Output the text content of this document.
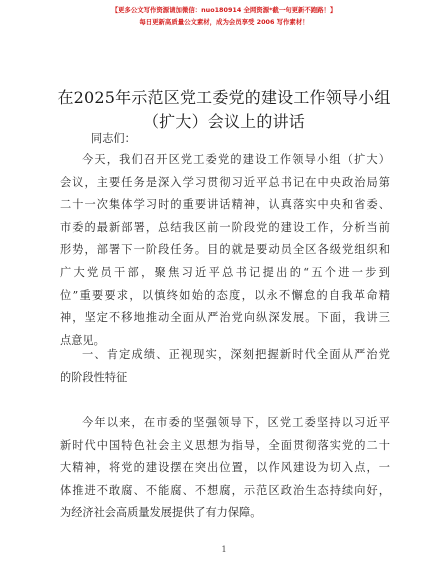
【更多公文写作资源请加微信：nuo180914 全网资源*截一句更新不跑路！】
每日更新高质量公文素材，成为会员享受 2006 写作素材！
在2025年示范区党工委党的建设工作领导小组
（扩大）会议上的讲话
同志们：
今天，我们召开区党工委党的建设工作领导小组（扩大）
会议，主要任务是深入学习贯彻习近平总书记在中央政治局第
二十一次集体学习时的重要讲话精神，认真落实中央和省委、
市委的最新部署，总结我区前一阶段党的建设工作，分析当前
形势，部署下一阶段任务。目的就是要动员全区各级党组织和
广大党员干部，聚焦习近平总书记提出的“五个进一步到
位”重要要求，以慎终如始的态度，以永不懈怠的自我革命精
神，坚定不移地推动全面从严治党向纵深发展。下面，我讲三
点意见。
一、肯定成绩、正视现实，深刻把握新时代全面从严治党
的阶段性特征
今年以来，在市委的坚强领导下，区党工委坚持以习近平
新时代中国特色社会主义思想为指导，全面贯彻落实党的二十
大精神，将党的建设摆在突出位置，以作风建设为切入点，一
体推进不敢腐、不能腐、不想腐，示范区政治生态持续向好，
为经济社会高质量发展提供了有力保障。
1
